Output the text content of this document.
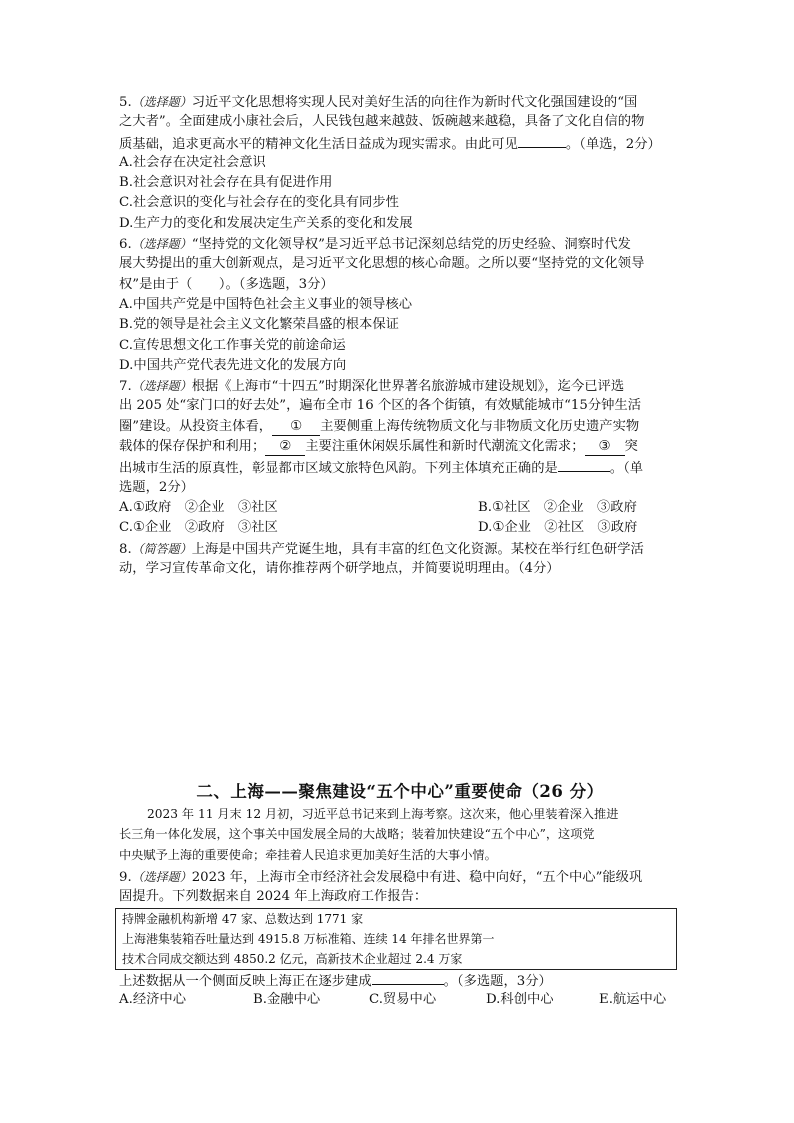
5.（选择题）习近平文化思想将实现人民对美好生活的向往作为新时代文化强国建设的“国
之大者”。全面建成小康社会后，人民钱包越来越鼓、饭碗越来越稳，具备了文化自信的物
质基础，追求更高水平的精神文化生活日益成为现实需求。由此可见	。（单选，2分）
A.社会存在决定社会意识
B.社会意识对社会存在具有促进作用
C.社会意识的变化与社会存在的变化具有同步性
D.生产力的变化和发展决定生产关系的变化和发展
6.（选择题）“坚持党的文化领导权”是习近平总书记深刻总结党的历史经验、洞察时代发
展大势提出的重大创新观点，是习近平文化思想的核心命题。之所以要“坚持党的文化领导
权”是由于（　　）。（多选题，3分）
A.中国共产党是中国特色社会主义事业的领导核心
B.党的领导是社会主义文化繁荣昌盛的根本保证
C.宣传思想文化工作事关党的前途命运
D.中国共产党代表先进文化的发展方向
7.（选择题）根据《上海市“十四五”时期深化世界著名旅游城市建设规划》，迄今已评选
出 205 处“家门口的好去处”，遍布全市 16 个区的各个街镇，有效赋能城市“15分钟生活
圈”建设。从投资主体看， ① 主要侧重上海传统物质文化与非物质文化历史遗产实物
载体的保存保护和利用； ② 主要注重休闲娱乐属性和新时代潮流文化需求； ③ 突
出城市生活的原真性，彰显都市区域文旅特色风韵。下列主体填充正确的是	。（单
选题，2分）
A.①政府　②企业　③社区	B.①社区　②企业　③政府
C.①企业　②政府　③社区	D.①企业　②社区　③政府
8.（简答题）上海是中国共产党诞生地，具有丰富的红色文化资源。某校在举行红色研学活
动，学习宣传革命文化，请你推荐两个研学地点，并简要说明理由。（4分）
二、上海——聚焦建设“五个中心”重要使命（26 分）
2023 年 11 月末 12 月初，习近平总书记来到上海考察。这次来，他心里装着深入推进
长三角一体化发展，这个事关中国发展全局的大战略；装着加快建设“五个中心”，这项党
中央赋予上海的重要使命；牵挂着人民追求更加美好生活的大事小情。
9.（选择题）2023 年，上海市全市经济社会发展稳中有进、稳中向好，“五个中心”能级巩
固提升。下列数据来自 2024 年上海政府工作报告：
持牌金融机构新增 47 家、总数达到 1771 家
上海港集装箱吞吐量达到 4915.8 万标准箱、连续 14 年排名世界第一
技术合同成交额达到 4850.2 亿元，高新技术企业超过 2.4 万家
上述数据从一个侧面反映上海正在逐步建成	。（多选题，3分）
A.经济中心	B.金融中心	C.贸易中心	D.科创中心	E.航运中心
